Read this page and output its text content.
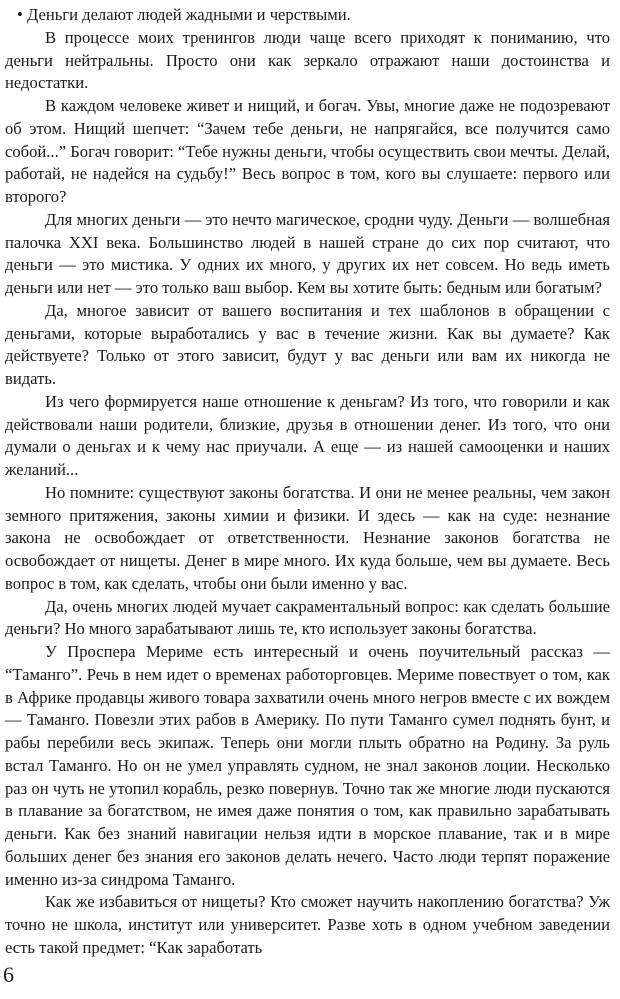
• Деньги делают людей жадными и черствыми.

В процессе моих тренингов люди чаще всего приходят к пониманию, что деньги нейтральны. Просто они как зеркало отражают наши достоинства и недостатки.

В каждом человеке живет и нищий, и богач. Увы, многие даже не подозревают об этом. Нищий шепчет: “Зачем тебе деньги, не напрягайся, все получится само собой...” Богач говорит: “Тебе нужны деньги, чтобы осуществить свои мечты. Делай, работай, не надейся на судьбу!” Весь вопрос в том, кого вы слушаете: первого или второго?

Для многих деньги — это нечто магическое, сродни чуду. Деньги — волшебная палочка XXI века. Большинство людей в нашей стране до сих пор считают, что деньги — это мистика. У одних их много, у других их нет совсем. Но ведь иметь деньги или нет — это только ваш выбор. Кем вы хотите быть: бедным или богатым?

Да, многое зависит от вашего воспитания и тех шаблонов в обращении с деньгами, которые выработались у вас в течение жизни. Как вы думаете? Как действуете? Только от этого зависит, будут у вас деньги или вам их никогда не видать.

Из чего формируется наше отношение к деньгам? Из того, что говорили и как действовали наши родители, близкие, друзья в отношении денег. Из того, что они думали о деньгах и к чему нас приучали. А еще — из нашей самооценки и наших желаний...

Но помните: существуют законы богатства. И они не менее реальны, чем закон земного притяжения, законы химии и физики. И здесь — как на суде: незнание закона не освобождает от ответственности. Незнание законов богатства не освобождает от нищеты. Денег в мире много. Их куда больше, чем вы думаете. Весь вопрос в том, как сделать, чтобы они были именно у вас.

Да, очень многих людей мучает сакраментальный вопрос: как сделать большие деньги? Но много зарабатывают лишь те, кто использует законы богатства.

У Проспера Мериме есть интересный и очень поучительный рассказ — “Таманго”. Речь в нем идет о временах работорговцев. Мериме повествует о том, как в Африке продавцы живого товара захватили очень много негров вместе с их вождем — Таманго. Повезли этих рабов в Америку. По пути Таманго сумел поднять бунт, и рабы перебили весь экипаж. Теперь они могли плыть обратно на Родину. За руль встал Таманго. Но он не умел управлять судном, не знал законов лоции. Несколько раз он чуть не утопил корабль, резко повернув. Точно так же многие люди пускаются в плавание за богатством, не имея даже понятия о том, как правильно зарабатывать деньги. Как без знаний навигации нельзя идти в морское плавание, так и в мире больших денег без знания его законов делать нечего. Часто люди терпят поражение именно из-за синдрома Таманго.

Как же избавиться от нищеты? Кто сможет научить накоплению богатства? Уж точно не школа, институт или университет. Разве хоть в одном учебном заведении есть такой предмет: “Как заработать

6
